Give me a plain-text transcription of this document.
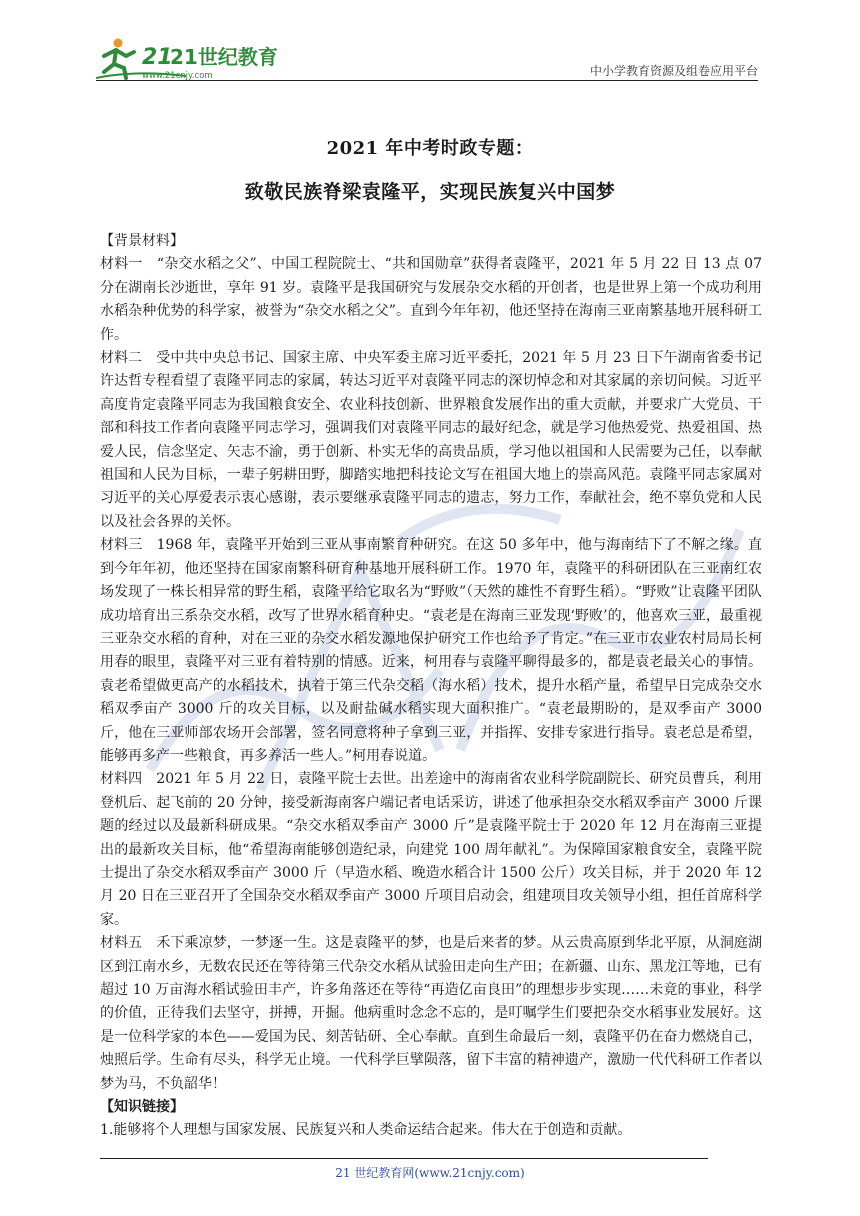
21
21世纪教育
www.21cnjy.com	中小学教育资源及组卷应用平台
2021 年中考时政专题：
致敬民族脊梁袁隆平，实现民族复兴中国梦

【背景材料】

材料一　“杂交水稻之父”、中国工程院院士、“共和国勋章”获得者袁隆平，2021 年 5 月 22 日 13 点 07 分在湖南长沙逝世，享年 91 岁。袁隆平是我国研究与发展杂交水稻的开创者，也是世界上第一个成功利用水稻杂种优势的科学家，被誉为“杂交水稻之父”。直到今年年初，他还坚持在海南三亚南繁基地开展科研工作。

材料二　受中共中央总书记、国家主席、中央军委主席习近平委托，2021 年 5 月 23 日下午湖南省委书记许达哲专程看望了袁隆平同志的家属，转达习近平对袁隆平同志的深切悼念和对其家属的亲切问候。习近平高度肯定袁隆平同志为我国粮食安全、农业科技创新、世界粮食发展作出的重大贡献，并要求广大党员、干部和科技工作者向袁隆平同志学习，强调我们对袁隆平同志的最好纪念，就是学习他热爱党、热爱祖国、热爱人民，信念坚定、矢志不渝，勇于创新、朴实无华的高贵品质，学习他以祖国和人民需要为己任，以奉献祖国和人民为目标，一辈子躬耕田野，脚踏实地把科技论文写在祖国大地上的崇高风范。袁隆平同志家属对习近平的关心厚爱表示衷心感谢，表示要继承袁隆平同志的遗志，努力工作，奉献社会，绝不辜负党和人民以及社会各界的关怀。

材料三　1968 年，袁隆平开始到三亚从事南繁育种研究。在这 50 多年中，他与海南结下了不解之缘。直到今年年初，他还坚持在国家南繁科研育种基地开展科研工作。1970 年，袁隆平的科研团队在三亚南红农场发现了一株长相异常的野生稻，袁隆平给它取名为“野败”（天然的雄性不育野生稻）。“野败”让袁隆平团队成功培育出三系杂交水稻，改写了世界水稻育种史。“袁老是在海南三亚发现‘野败’的，他喜欢三亚，最重视三亚杂交水稻的育种，对在三亚的杂交水稻发源地保护研究工作也给予了肯定。”在三亚市农业农村局局长柯用春的眼里，袁隆平对三亚有着特别的情感。近来，柯用春与袁隆平聊得最多的，都是袁老最关心的事情。袁老希望做更高产的水稻技术，执着于第三代杂交稻（海水稻）技术，提升水稻产量，希望早日完成杂交水稻双季亩产 3000 斤的攻关目标，以及耐盐碱水稻实现大面积推广。“袁老最期盼的，是双季亩产 3000 斤，他在三亚师部农场开会部署，签名同意将种子拿到三亚，并指挥、安排专家进行指导。袁老总是希望，能够再多产一些粮食，再多养活一些人。”柯用春说道。

材料四　2021 年 5 月 22 日，袁隆平院士去世。出差途中的海南省农业科学院副院长、研究员曹兵，利用登机后、起飞前的 20 分钟，接受新海南客户端记者电话采访，讲述了他承担杂交水稻双季亩产 3000 斤课题的经过以及最新科研成果。“杂交水稻双季亩产 3000 斤”是袁隆平院士于 2020 年 12 月在海南三亚提出的最新攻关目标，他“希望海南能够创造纪录，向建党 100 周年献礼”。为保障国家粮食安全，袁隆平院士提出了杂交水稻双季亩产 3000 斤（早造水稻、晚造水稻合计 1500 公斤）攻关目标，并于 2020 年 12 月 20 日在三亚召开了全国杂交水稻双季亩产 3000 斤项目启动会，组建项目攻关领导小组，担任首席科学家。

材料五　禾下乘凉梦，一梦逐一生。这是袁隆平的梦，也是后来者的梦。从云贵高原到华北平原，从洞庭湖区到江南水乡，无数农民还在等待第三代杂交水稻从试验田走向生产田；在新疆、山东、黑龙江等地，已有超过 10 万亩海水稻试验田丰产，许多角落还在等待“再造亿亩良田”的理想步步实现……未竟的事业，科学的价值，正待我们去坚守，拼搏，开掘。他病重时念念不忘的，是叮嘱学生们要把杂交水稻事业发展好。这是一位科学家的本色——爱国为民、刻苦钻研、全心奉献。直到生命最后一刻，袁隆平仍在奋力燃烧自己，烛照后学。生命有尽头，科学无止境。一代科学巨擘陨落，留下丰富的精神遗产，激励一代代科研工作者以梦为马，不负韶华！

【知识链接】

1.能够将个人理想与国家发展、民族复兴和人类命运结合起来。伟大在于创造和贡献。

21 世纪教育网(www.21cnjy.com)
